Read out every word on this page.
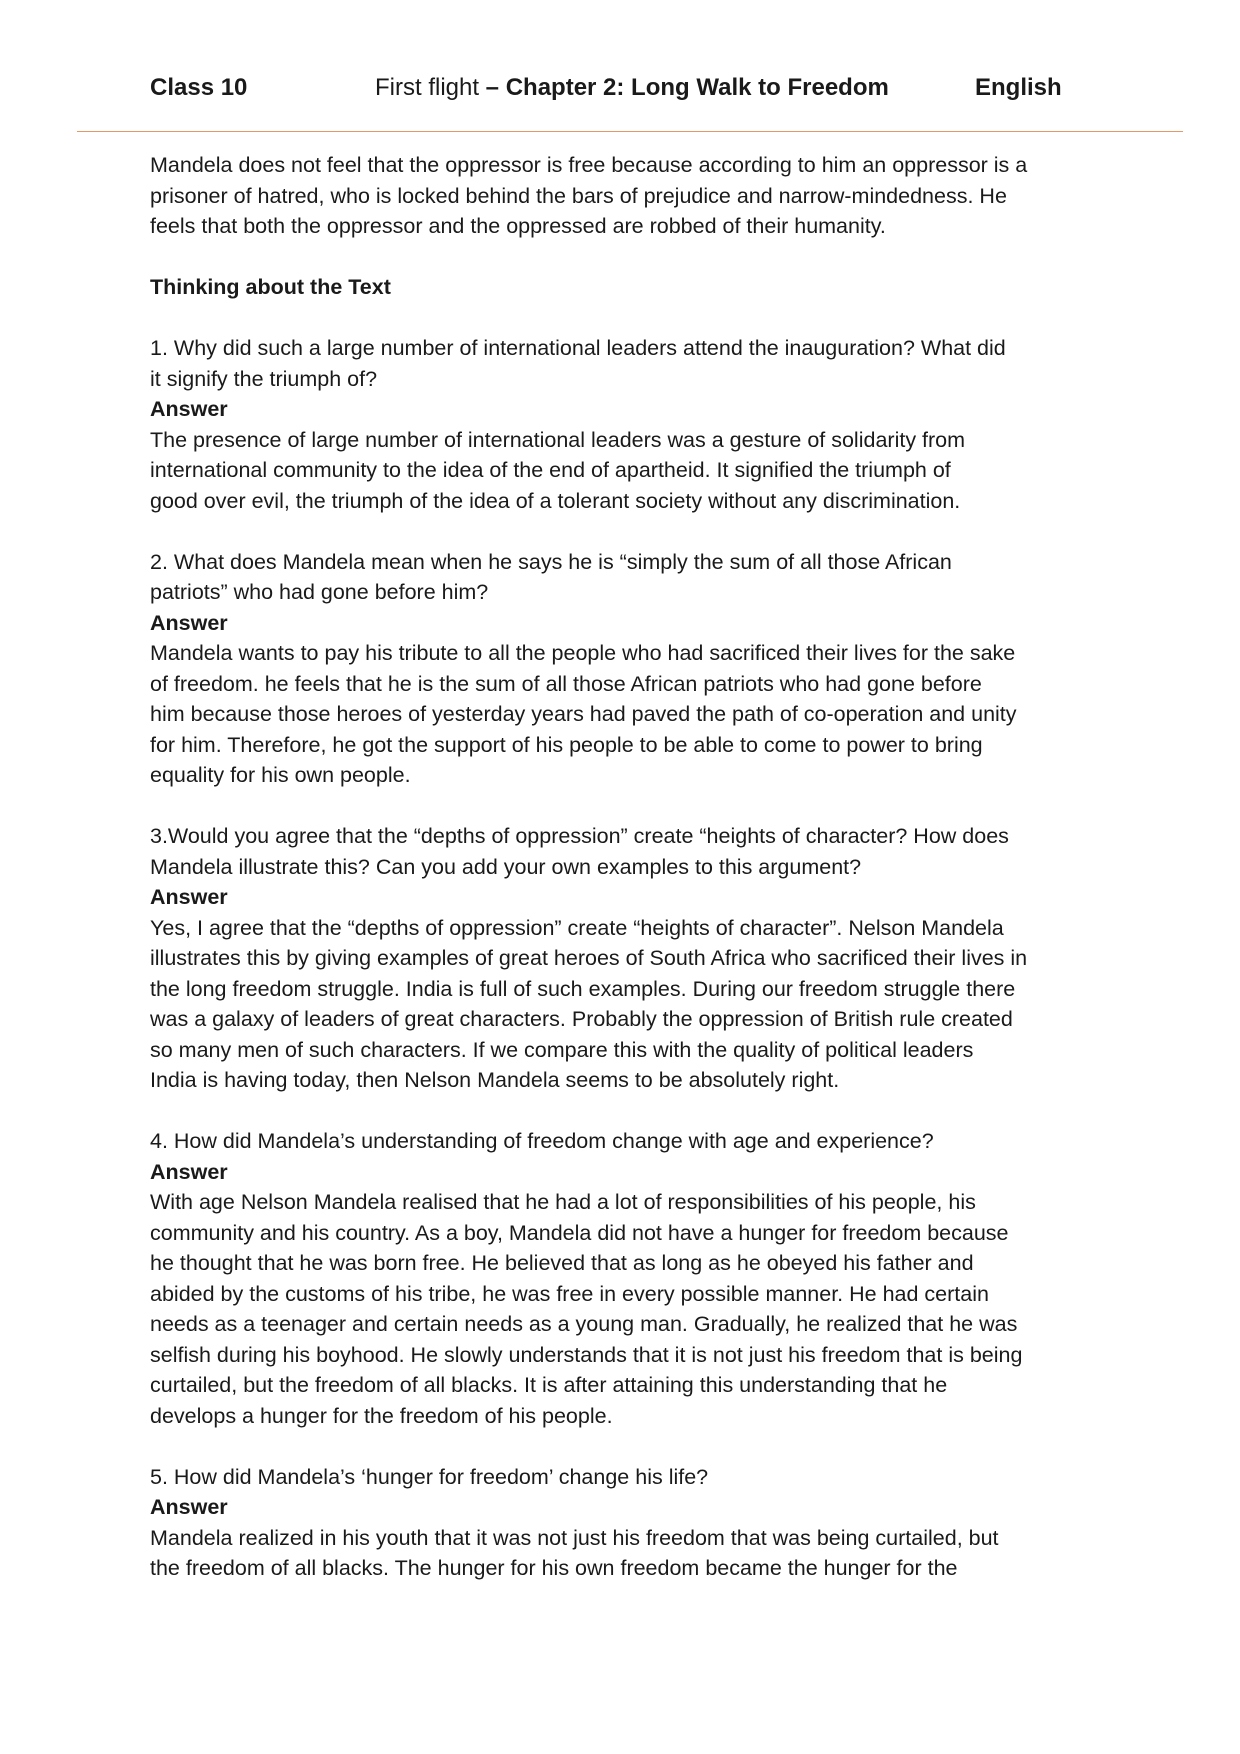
Class 10	First flight – Chapter 2: Long Walk to Freedom	English

Mandela does not feel that the oppressor is free because according to him an oppressor is a

prisoner of hatred, who is locked behind the bars of prejudice and narrow-mindedness. He

feels that both the oppressor and the oppressed are robbed of their humanity.

Thinking about the Text

1. Why did such a large number of international leaders attend the inauguration? What did

it signify the triumph of?

Answer

The presence of large number of international leaders was a gesture of solidarity from

international community to the idea of the end of apartheid. It signified the triumph of

good over evil, the triumph of the idea of a tolerant society without any discrimination.

2. What does Mandela mean when he says he is “simply the sum of all those African

patriots” who had gone before him?

Answer

Mandela wants to pay his tribute to all the people who had sacrificed their lives for the sake

of freedom. he feels that he is the sum of all those African patriots who had gone before

him because those heroes of yesterday years had paved the path of co-operation and unity

for him. Therefore, he got the support of his people to be able to come to power to bring

equality for his own people.

3.Would you agree that the “depths of oppression” create “heights of character? How does

Mandela illustrate this? Can you add your own examples to this argument?

Answer

Yes, I agree that the “depths of oppression” create “heights of character”. Nelson Mandela

illustrates this by giving examples of great heroes of South Africa who sacrificed their lives in

the long freedom struggle. India is full of such examples. During our freedom struggle there

was a galaxy of leaders of great characters. Probably the oppression of British rule created

so many men of such characters. If we compare this with the quality of political leaders

India is having today, then Nelson Mandela seems to be absolutely right.

4. How did Mandela’s understanding of freedom change with age and experience?

Answer

With age Nelson Mandela realised that he had a lot of responsibilities of his people, his

community and his country. As a boy, Mandela did not have a hunger for freedom because

he thought that he was born free. He believed that as long as he obeyed his father and

abided by the customs of his tribe, he was free in every possible manner. He had certain

needs as a teenager and certain needs as a young man. Gradually, he realized that he was

selfish during his boyhood. He slowly understands that it is not just his freedom that is being

curtailed, but the freedom of all blacks. It is after attaining this understanding that he

develops a hunger for the freedom of his people.

5. How did Mandela’s ‘hunger for freedom’ change his life?

Answer

Mandela realized in his youth that it was not just his freedom that was being curtailed, but

the freedom of all blacks. The hunger for his own freedom became the hunger for the
